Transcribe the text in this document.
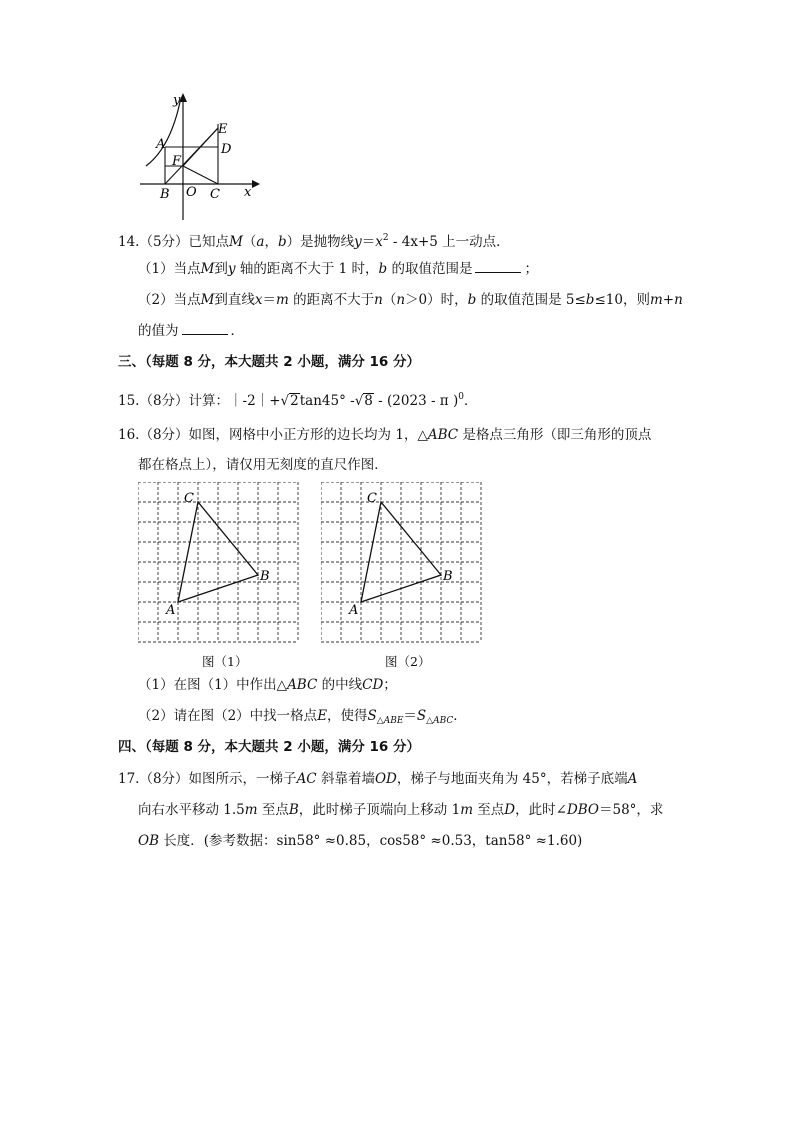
y
x
A
E
D
F
B O C
14.（5分）已知点M（a，b）是抛物线$y=x^2 - 4x+5$ 上一动点．
（1）当点M到y 轴的距离不大于 1 时，b 的取值范围是	；
（2）当点M到直线x＝m 的距离不大于n（n＞0）时，b 的取值范围是 5≤b≤10，则m+n
的值为	．
三、（每题 8 分，本大题共 2 小题，满分 16 分）
15.（8分）计算：｜-2｜+√2tan45° -√8 - (2023 - π )$^0$．
16.（8分）如图，网格中小正方形的边长均为 1，△ABC 是格点三角形（即三角形的顶点
都在格点上），请仅用无刻度的直尺作图．
C
B
A
图（1）
C
B
A
图（2）
（1）在图（1）中作出△ABC 的中线CD；
（2）请在图（2）中找一格点E，使得$S_{\triangle ABE}=S_{\triangle ABC}$．
四、（每题 8 分，本大题共 2 小题，满分 16 分）
17.（8分）如图所示，一梯子AC 斜靠着墙OD，梯子与地面夹角为 45°，若梯子底端A
向右水平移动 1.5m 至点B，此时梯子顶端向上移动 1m 至点D，此时∠DBO＝58°，求
OB 长度．(参考数据：sin58° ≈0.85，cos58° ≈0.53，tan58° ≈1.60)
